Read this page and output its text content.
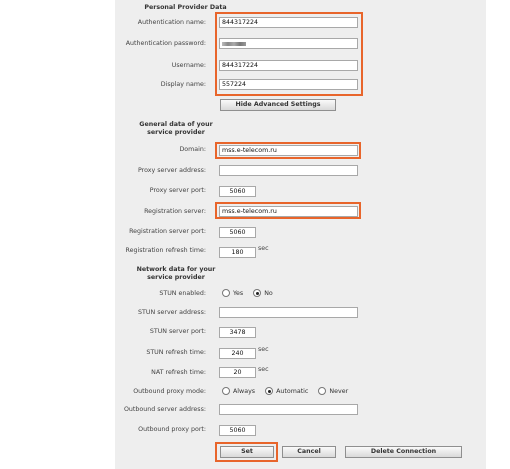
Personal Provider Data
Authentication name:	844317224
Authentication password:
Username:	844317224
Display name:	557224
Hide Advanced Settings
General data of your
service provider
Domain:	mss.e-telecom.ru
Proxy server address:
Proxy server port:	5060
Registration server:	mss.e-telecom.ru
Registration server port:	5060
Registration refresh time:	180
sec
Network data for your
service provider
STUN enabled:	Yes	No
STUN server address:
STUN server port:	3478
STUN refresh time:	240
sec
NAT refresh time:	20	sec
Outbound proxy mode:	Always	Automatic	Never
Outbound server address:
Outbound proxy port:	5060
Set	Cancel	Delete Connection
